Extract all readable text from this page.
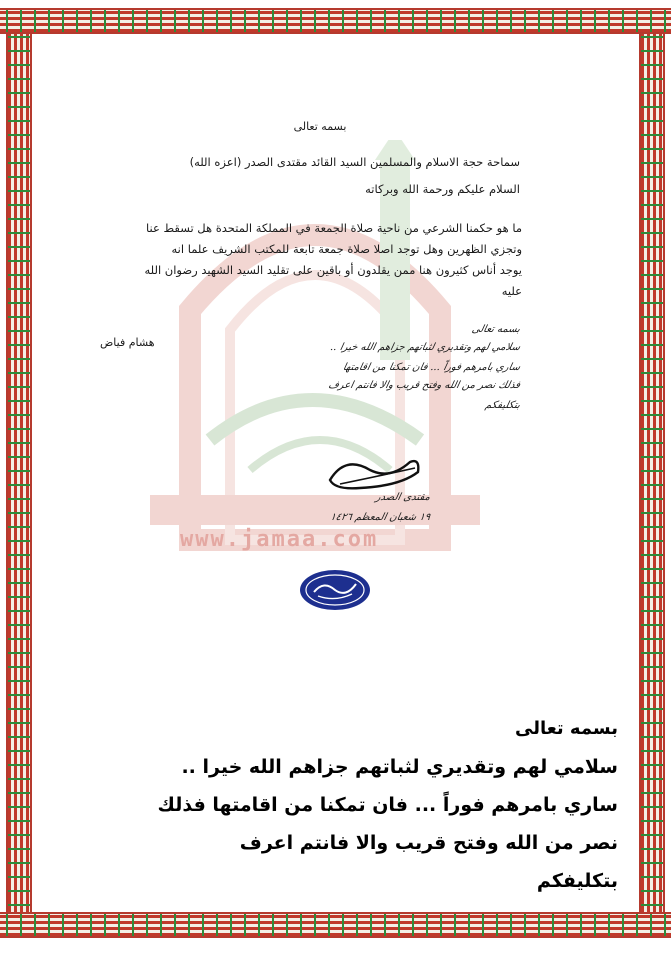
www.jamaa.com
بسمه تعالى
سماحة حجة الاسلام والمسلمين السيد القائد مقتدى الصدر (اعزه الله)
السلام عليكم ورحمة الله وبركاته
ما هو حكمنا الشرعي من ناحية صلاة الجمعة في المملكة المتحدة هل تسقط عنا
وتجزي الظهرين وهل توجد اصلا صلاة جمعة تابعة للمكتب الشريف علما انه
يوجد أناس كثيرون هنا ممن يقلدون أو باقين على تقليد السيد الشهيد رضوان الله
عليه
هشام فياض
بسمه تعالى
سلامي لهم وتقديري لثباتهم جزاهم الله خيرا ..
ساري بامرهم فوراً ... فان تمكنا من اقامتها
فذلك نصر من الله وفتح قريب والا فانتم اعرف
بتكليفكم
مقتدى الصدر
١٩ شعبان المعظم ١٤٢٦
بسمه تعالى
سلامي لهم وتقديري لثباتهم جزاهم الله خيرا ..
ساري بامرهم فوراً ... فان تمكنا من اقامتها فذلك
نصر من الله وفتح قريب والا فانتم اعرف
بتكليفكم
